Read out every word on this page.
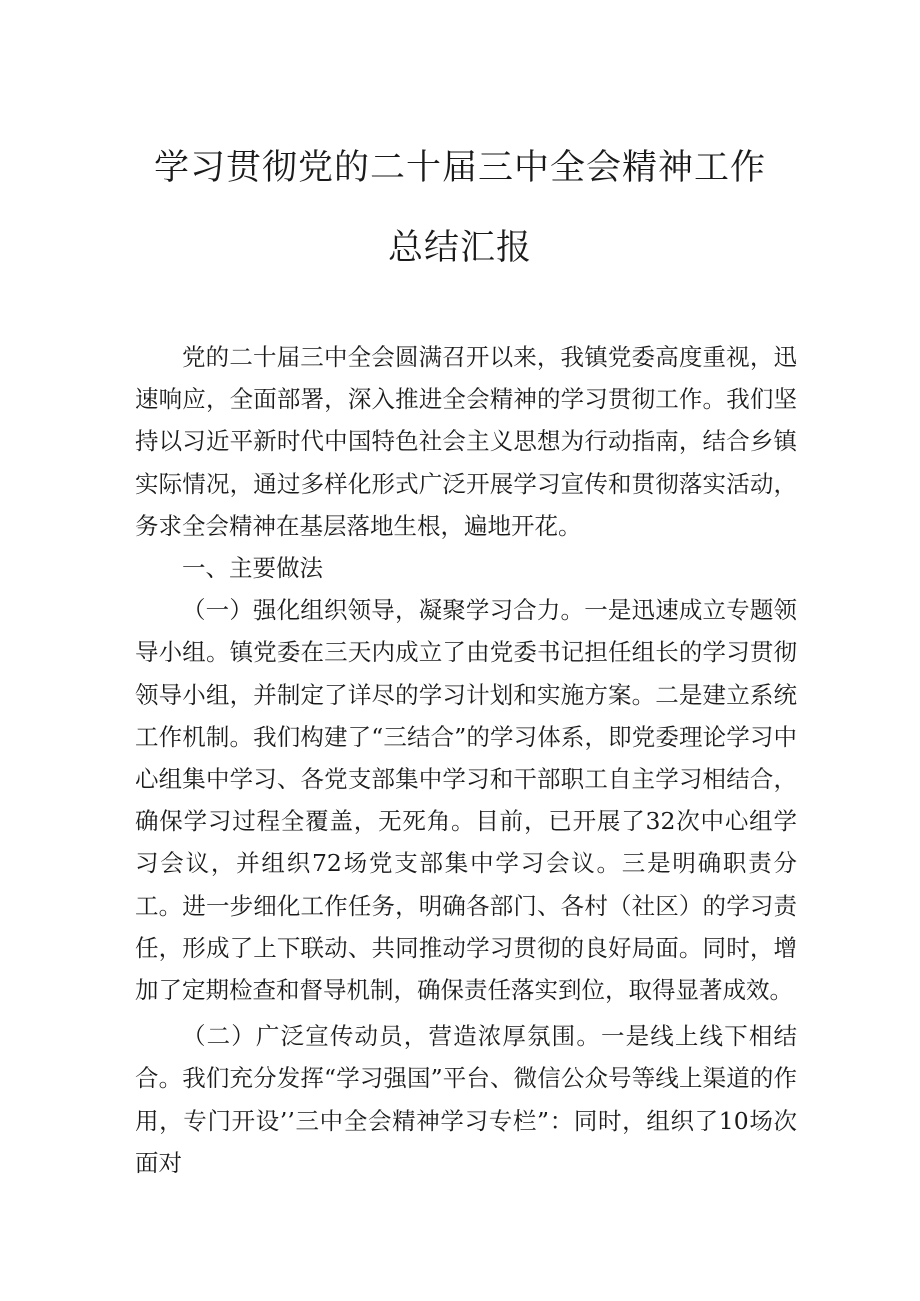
学习贯彻党的二十届三中全会精神工作
总结汇报

党的二十届三中全会圆满召开以来，我镇党委高度重视，迅速响应，全面部署，深入推进全会精神的学习贯彻工作。我们坚持以习近平新时代中国特色社会主义思想为行动指南，结合乡镇实际情况，通过多样化形式广泛开展学习宣传和贯彻落实活动，务求全会精神在基层落地生根，遍地开花。

一、主要做法

（一）强化组织领导，凝聚学习合力。一是迅速成立专题领导小组。镇党委在三天内成立了由党委书记担任组长的学习贯彻领导小组，并制定了详尽的学习计划和实施方案。二是建立系统工作机制。我们构建了“三结合”的学习体系，即党委理论学习中心组集中学习、各党支部集中学习和干部职工自主学习相结合，确保学习过程全覆盖，无死角。目前，已开展了32次中心组学习会议，并组织72场党支部集中学习会议。三是明确职责分工。进一步细化工作任务，明确各部门、各村（社区）的学习责任，形成了上下联动、共同推动学习贯彻的良好局面。同时，增加了定期检查和督导机制，确保责任落实到位，取得显著成效。

（二）广泛宣传动员，营造浓厚氛围。一是线上线下相结合。我们充分发挥“学习强国”平台、微信公众号等线上渠道的作用，专门开设’’三中全会精神学习专栏”：同时，组织了10场次面对
